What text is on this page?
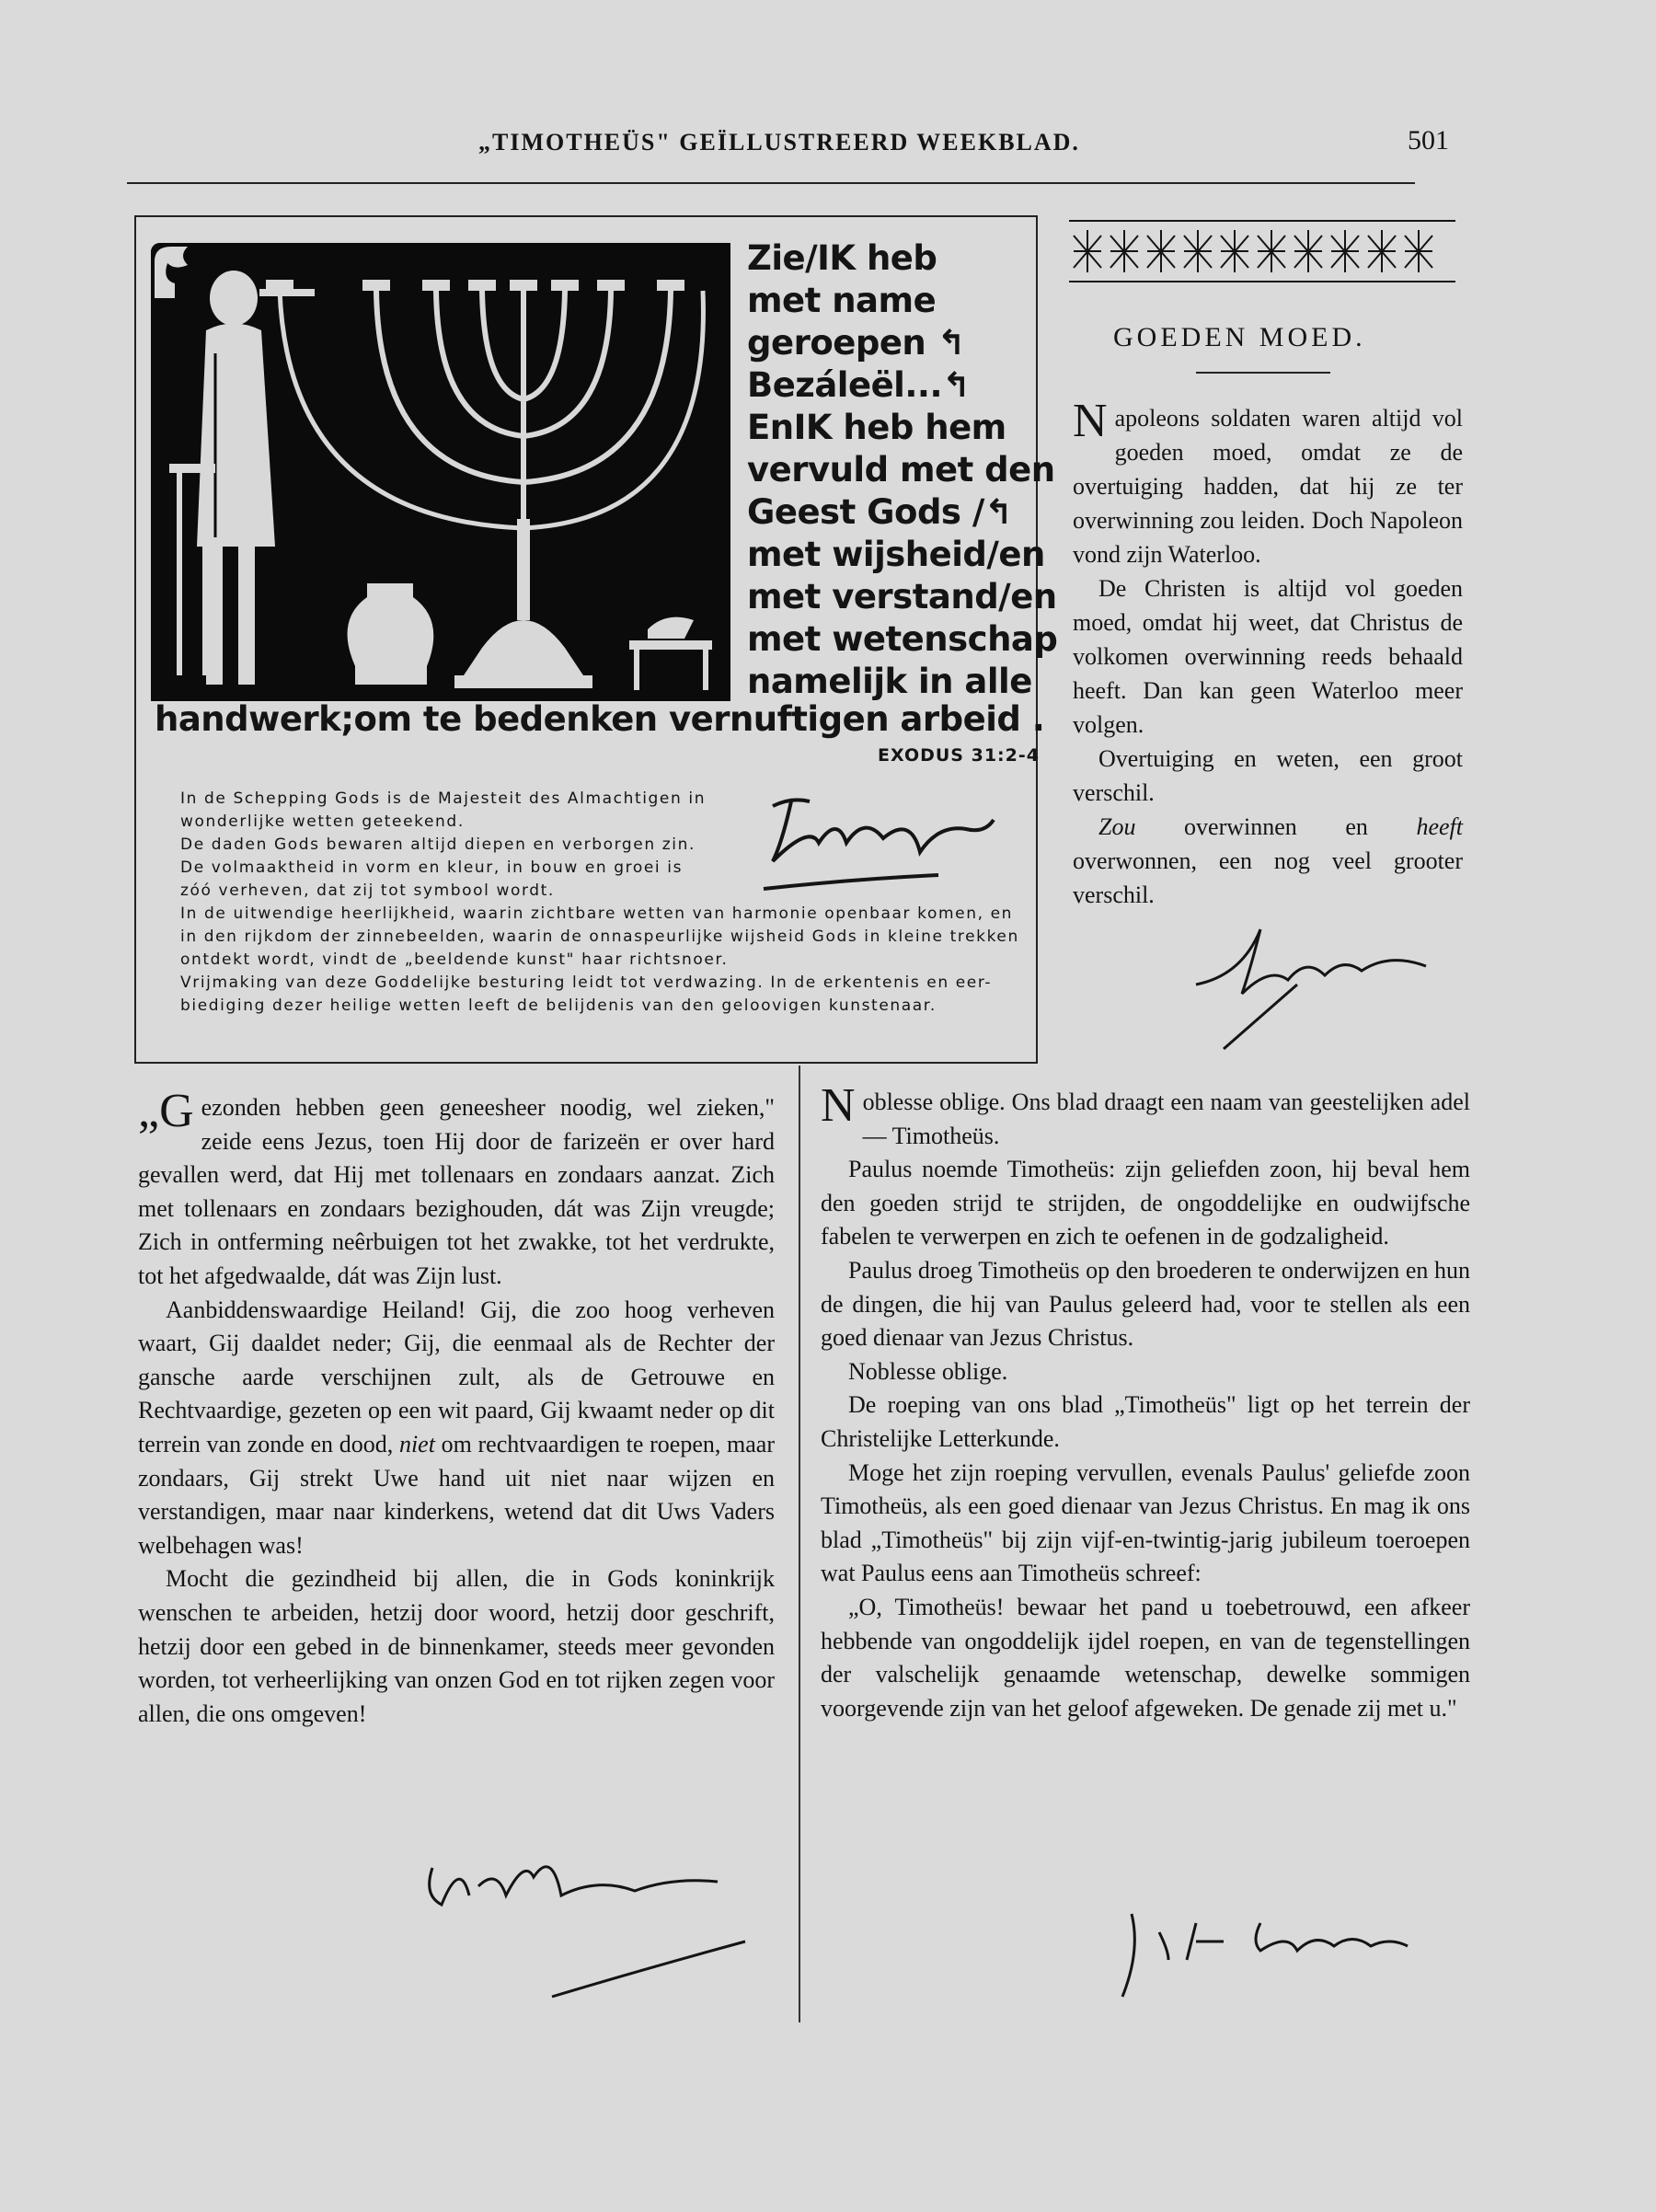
„TIMOTHEÜS" GEÏLLUSTREERD WEEKBLAD.	501
Zie/IK heb
met name
geroepen ↰
Bezáleël...↰
EnIK heb hem
vervuld met den
Geest Gods /↰
met wijsheid/en
met verstand/en
met wetenschap
namelijk in alle
handwerk;om te bedenken vernuftigen arbeid .
EXODUS 31:2-4
In de Schepping Gods is de Majesteit des Almachtigen in
wonderlijke wetten geteekend.
De daden Gods bewaren altijd diepen en verborgen zin.
De volmaaktheid in vorm en kleur, in bouw en groei is
zóó verheven, dat zij tot symbool wordt.
In de uitwendige heerlijkheid, waarin zichtbare wetten van harmonie openbaar komen, en
in den rijkdom der zinnebeelden, waarin de onnaspeurlijke wijsheid Gods in kleine trekken
ontdekt wordt, vindt de „beeldende kunst" haar richtsnoer.
Vrijmaking van deze Goddelijke besturing leidt tot verdwazing. In de erkentenis en eer-
biediging dezer heilige wetten leeft de belijdenis van den geloovigen kunstenaar.
GOEDEN MOED.

Napoleons soldaten waren altijd vol goeden moed, omdat ze de overtuiging hadden, dat hij ze ter overwinning zou leiden. Doch Napoleon vond zijn Waterloo.

De Christen is altijd vol goeden moed, omdat hij weet, dat Christus de volkomen overwinning reeds behaald heeft. Dan kan geen Waterloo meer volgen.

Overtuiging en weten, een groot verschil.

Zou overwinnen en heeft overwonnen, een nog veel grooter verschil.

„Gezonden hebben geen geneesheer noodig, wel zieken," zeide eens Jezus, toen Hij door de farizeën er over hard gevallen werd, dat Hij met tollenaars en zondaars aanzat. Zich met tollenaars en zondaars bezighouden, dát was Zijn vreugde; Zich in ontferming neêrbuigen tot het zwakke, tot het verdrukte, tot het afgedwaalde, dát was Zijn lust.

Aanbiddenswaardige Heiland! Gij, die zoo hoog verheven waart, Gij daaldet neder; Gij, die eenmaal als de Rechter der gansche aarde verschijnen zult, als de Getrouwe en Rechtvaardige, gezeten op een wit paard, Gij kwaamt neder op dit terrein van zonde en dood, niet om rechtvaardigen te roepen, maar zondaars, Gij strekt Uwe hand uit niet naar wijzen en verstandigen, maar naar kinderkens, wetend dat dit Uws Vaders welbehagen was!

Mocht die gezindheid bij allen, die in Gods koninkrijk wenschen te arbeiden, hetzij door woord, hetzij door geschrift, hetzij door een gebed in de binnenkamer, steeds meer gevonden worden, tot verheerlijking van onzen God en tot rijken zegen voor allen, die ons omgeven!

Noblesse oblige. Ons blad draagt een naam van geestelijken adel — Timotheüs.

Paulus noemde Timotheüs: zijn geliefden zoon, hij beval hem den goeden strijd te strijden, de ongoddelijke en oudwijfsche fabelen te verwerpen en zich te oefenen in de godzaligheid.

Paulus droeg Timotheüs op den broederen te onderwijzen en hun de dingen, die hij van Paulus geleerd had, voor te stellen als een goed dienaar van Jezus Christus.

Noblesse oblige.

De roeping van ons blad „Timotheüs" ligt op het terrein der Christelijke Letterkunde.

Moge het zijn roeping vervullen, evenals Paulus' geliefde zoon Timotheüs, als een goed dienaar van Jezus Christus. En mag ik ons blad „Timotheüs" bij zijn vijf-en-twintig-jarig jubileum toeroepen wat Paulus eens aan Timotheüs schreef:

„O, Timotheüs! bewaar het pand u toebetrouwd, een afkeer hebbende van ongoddelijk ijdel roepen, en van de tegenstellingen der valschelijk genaamde wetenschap, dewelke sommigen voorgevende zijn van het geloof afgeweken. De genade zij met u."
